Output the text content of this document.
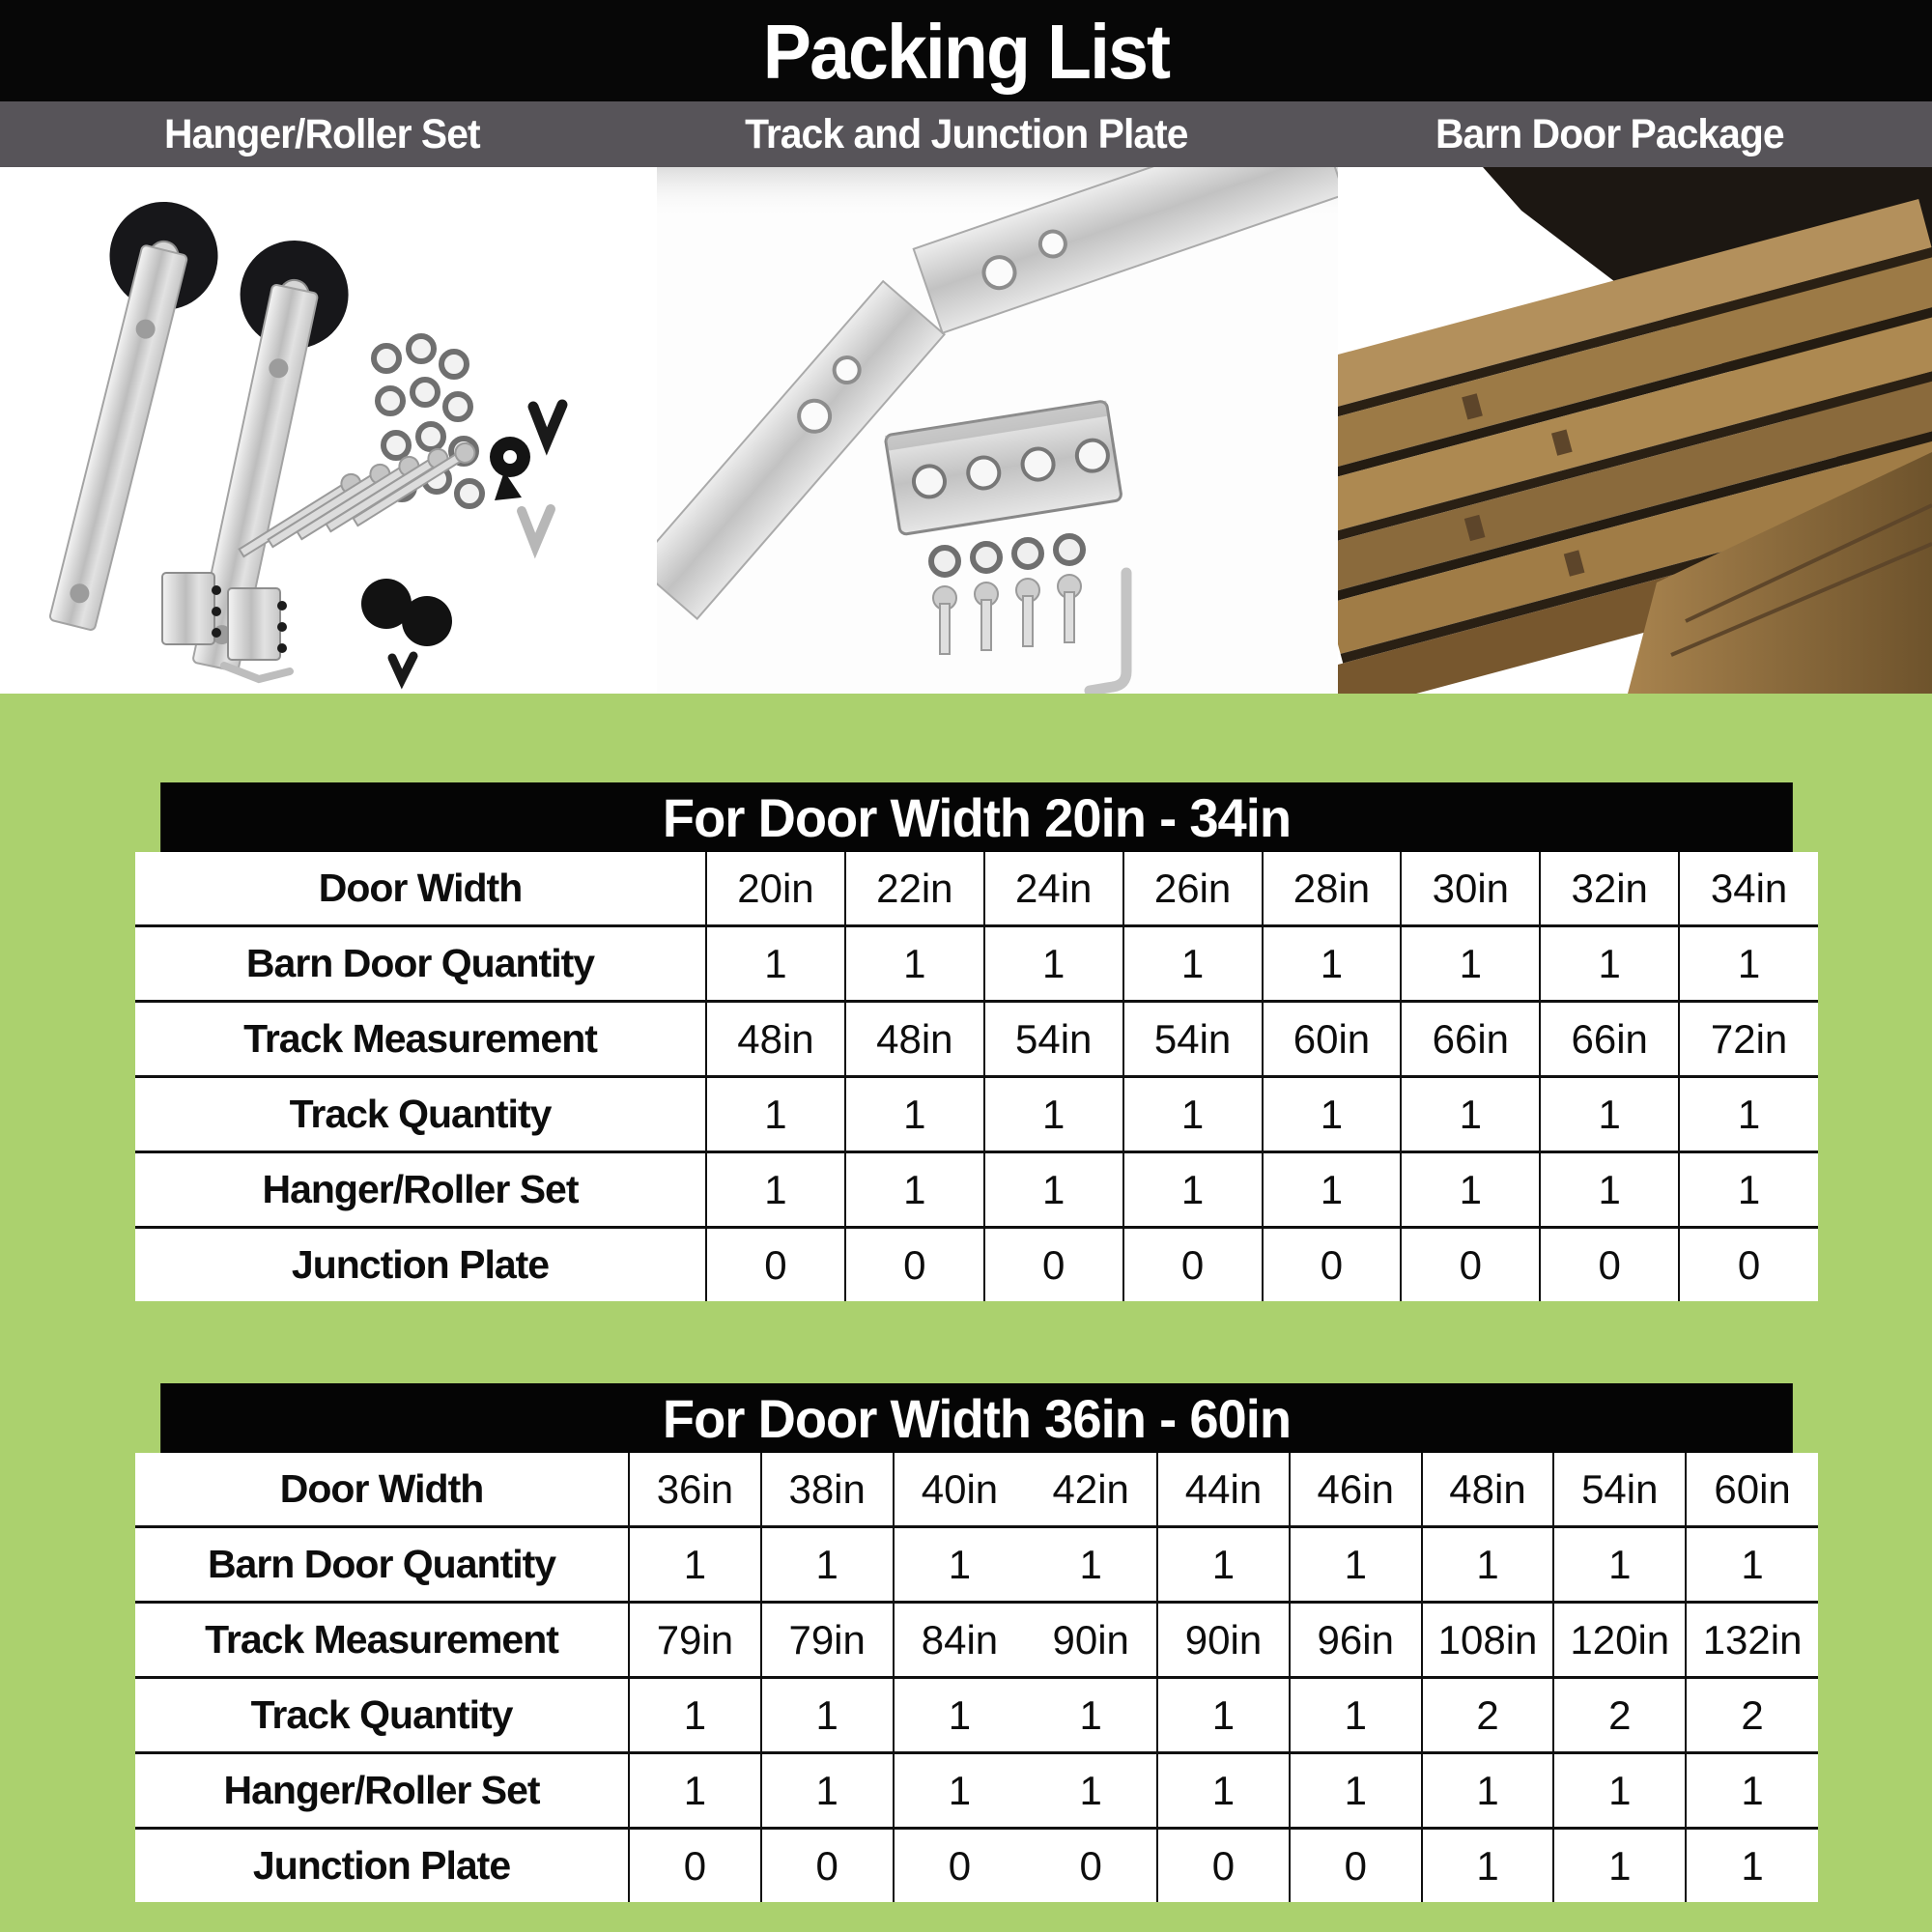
Packing List
Hanger/Roller Set	Track and Junction Plate	Barn Door Package
For Door Width 20in - 34in
Door Width	20in	22in	24in	26in	28in	30in	32in	34in
Barn Door Quantity	1	1	1	1	1	1	1	1
Track Measurement	48in	48in	54in	54in	60in	66in	66in	72in
Track Quantity	1	1	1	1	1	1	1	1
Hanger/Roller Set	1	1	1	1	1	1	1	1
Junction Plate	0	0	0	0	0	0	0	0
For Door Width 36in - 60in
Door Width	36in	38in	40in	42in	44in	46in	48in	54in	60in
Barn Door Quantity	1	1	1	1	1	1	1	1	1
Track Measurement	79in	79in	84in	90in	90in	96in	108in	120in	132in
Track Quantity	1	1	1	1	1	1	2	2	2
Hanger/Roller Set	1	1	1	1	1	1	1	1	1
Junction Plate	0	0	0	0	0	0	1	1	1
